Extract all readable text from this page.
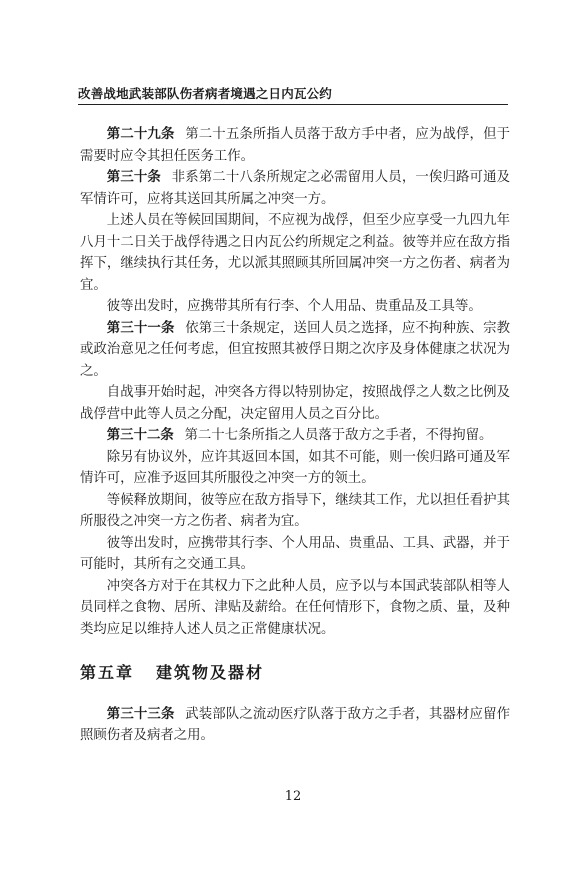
改善战地武装部队伤者病者境遇之日内瓦公约

第二十九条 第二十五条所指人员落于敌方手中者，应为战俘，但于需要时应令其担任医务工作。

第三十条 非系第二十八条所规定之必需留用人员，一俟归路可通及军情许可，应将其送回其所属之冲突一方。

上述人员在等候回国期间，不应视为战俘，但至少应享受一九四九年八月十二日关于战俘待遇之日内瓦公约所规定之利益。彼等并应在敌方指挥下，继续执行其任务，尤以派其照顾其所回属冲突一方之伤者、病者为宜。

彼等出发时，应携带其所有行李、个人用品、贵重品及工具等。

第三十一条 依第三十条规定，送回人员之选择，应不拘种族、宗教或政治意见之任何考虑，但宜按照其被俘日期之次序及身体健康之状况为之。

自战事开始时起，冲突各方得以特别协定，按照战俘之人数之比例及战俘营中此等人员之分配，决定留用人员之百分比。

第三十二条 第二十七条所指之人员落于敌方之手者，不得拘留。

除另有协议外，应许其返回本国，如其不可能，则一俟归路可通及军情许可，应准予返回其所服役之冲突一方的领土。

等候释放期间，彼等应在敌方指导下，继续其工作，尤以担任看护其所服役之冲突一方之伤者、病者为宜。

彼等出发时，应携带其行李、个人用品、贵重品、工具、武器，并于可能时，其所有之交通工具。

冲突各方对于在其权力下之此种人员，应予以与本国武装部队相等人员同样之食物、居所、津贴及薪给。在任何情形下，食物之质、量，及种类均应足以维持人述人员之正常健康状况。

第五章 建筑物及器材

第三十三条 武装部队之流动医疗队落于敌方之手者，其器材应留作照顾伤者及病者之用。

12
